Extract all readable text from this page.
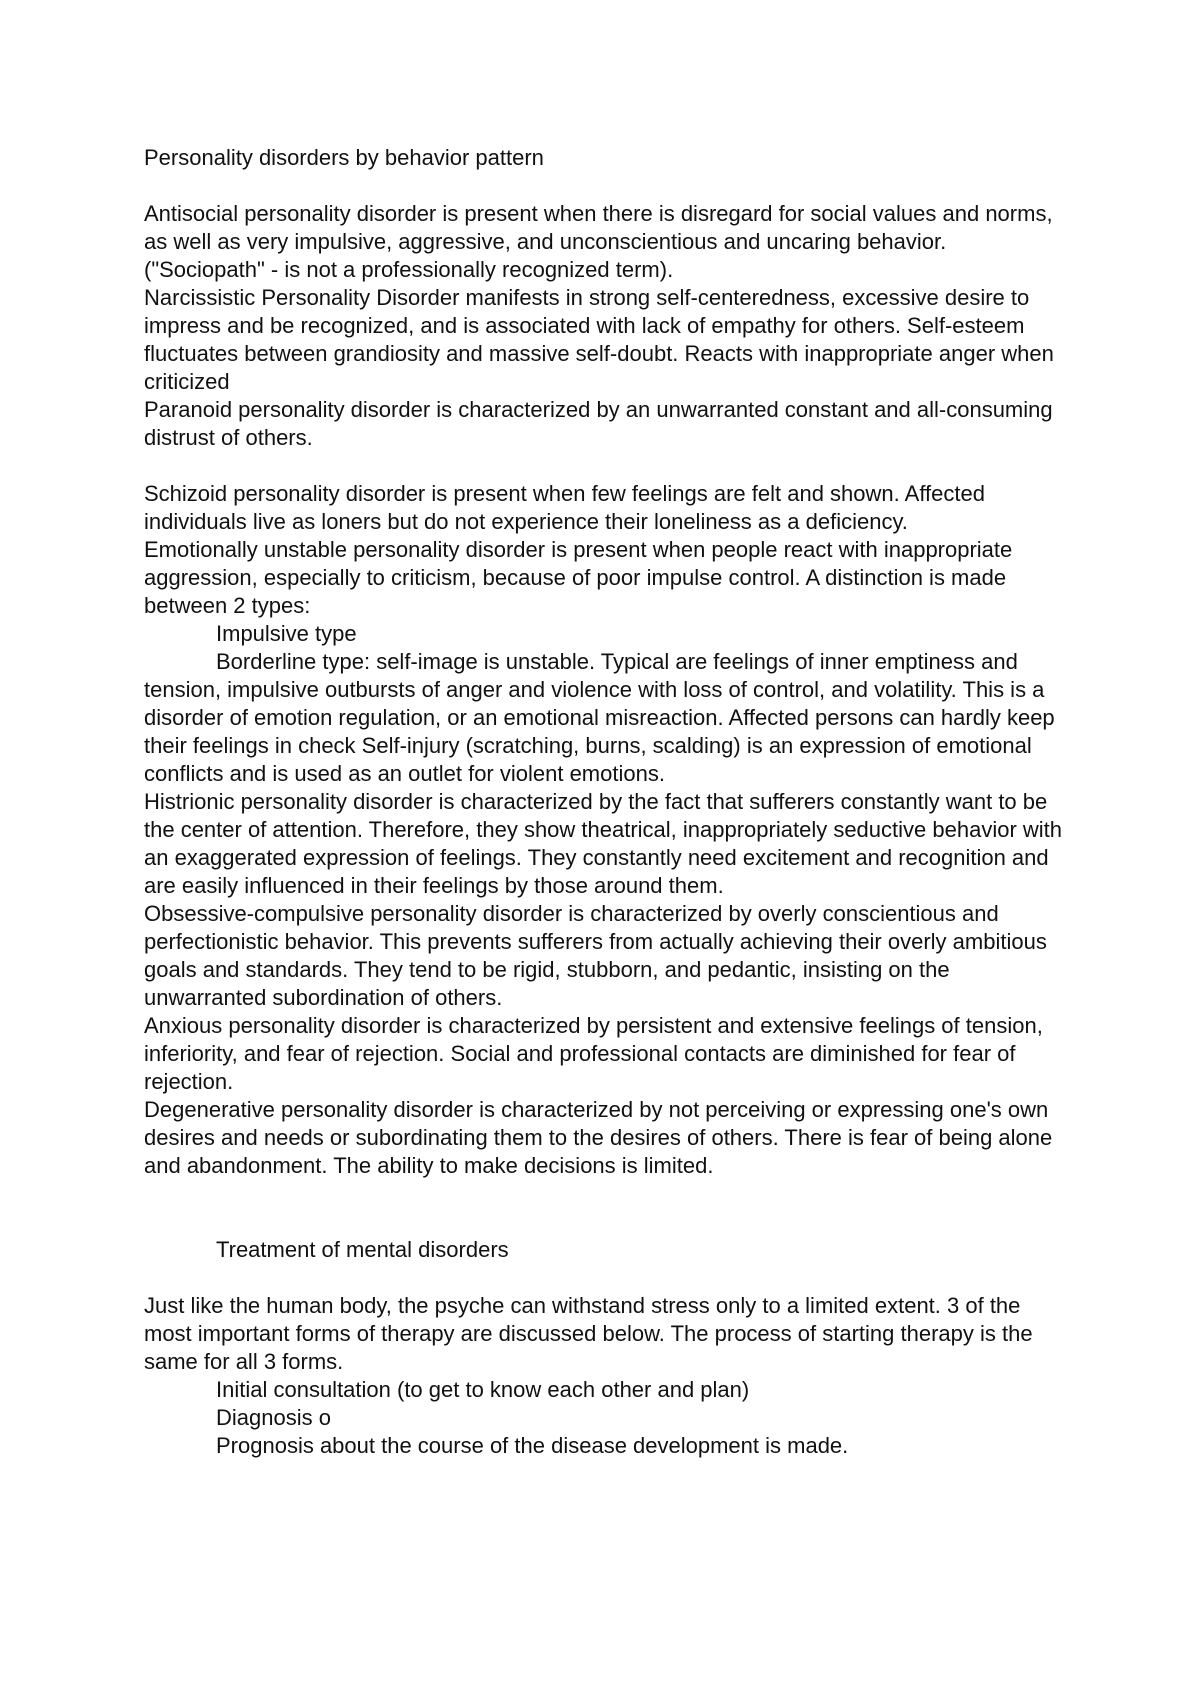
Personality disorders by behavior pattern

Antisocial personality disorder is present when there is disregard for social values and norms, as well as very impulsive, aggressive, and unconscientious and uncaring behavior. ("Sociopath" - is not a professionally recognized term).

Narcissistic Personality Disorder manifests in strong self-centeredness, excessive desire to impress and be recognized, and is associated with lack of empathy for others. Self-esteem fluctuates between grandiosity and massive self-doubt. Reacts with inappropriate anger when criticized

Paranoid personality disorder is characterized by an unwarranted constant and all-consuming distrust of others.

Schizoid personality disorder is present when few feelings are felt and shown. Affected individuals live as loners but do not experience their loneliness as a deficiency.

Emotionally unstable personality disorder is present when people react with inappropriate aggression, especially to criticism, because of poor impulse control. A distinction is made between 2 types:

Impulsive type

Borderline type: self-image is unstable. Typical are feelings of inner emptiness and tension, impulsive outbursts of anger and violence with loss of control, and volatility. This is a disorder of emotion regulation, or an emotional misreaction. Affected persons can hardly keep their feelings in check Self-injury (scratching, burns, scalding) is an expression of emotional conflicts and is used as an outlet for violent emotions.

Histrionic personality disorder is characterized by the fact that sufferers constantly want to be the center of attention. Therefore, they show theatrical, inappropriately seductive behavior with an exaggerated expression of feelings. They constantly need excitement and recognition and are easily influenced in their feelings by those around them.

Obsessive-compulsive personality disorder is characterized by overly conscientious and perfectionistic behavior. This prevents sufferers from actually achieving their overly ambitious goals and standards. They tend to be rigid, stubborn, and pedantic, insisting on the unwarranted subordination of others.

Anxious personality disorder is characterized by persistent and extensive feelings of tension, inferiority, and fear of rejection. Social and professional contacts are diminished for fear of rejection.

Degenerative personality disorder is characterized by not perceiving or expressing one's own desires and needs or subordinating them to the desires of others. There is fear of being alone and abandonment. The ability to make decisions is limited.

Treatment of mental disorders

Just like the human body, the psyche can withstand stress only to a limited extent. 3 of the most important forms of therapy are discussed below. The process of starting therapy is the same for all 3 forms.

Initial consultation (to get to know each other and plan)

Diagnosis o

Prognosis about the course of the disease development is made.
